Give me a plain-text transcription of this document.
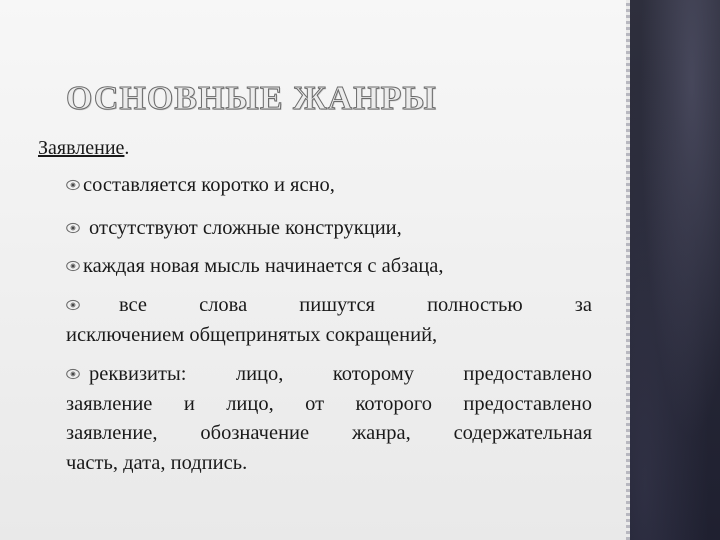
ОСНОВНЫЕ ЖАНРЫ
Заявление.
составляется коротко и ясно,
отсутствуют сложные конструкции,
каждая новая мысль начинается с абзаца,
все слова пишутся полностью за
исключением общепринятых сокращений,
реквизиты: лицо, которому предоставлено
заявление и лицо, от которого предоставлено
заявление, обозначение жанра, содержательная
часть, дата, подпись.
